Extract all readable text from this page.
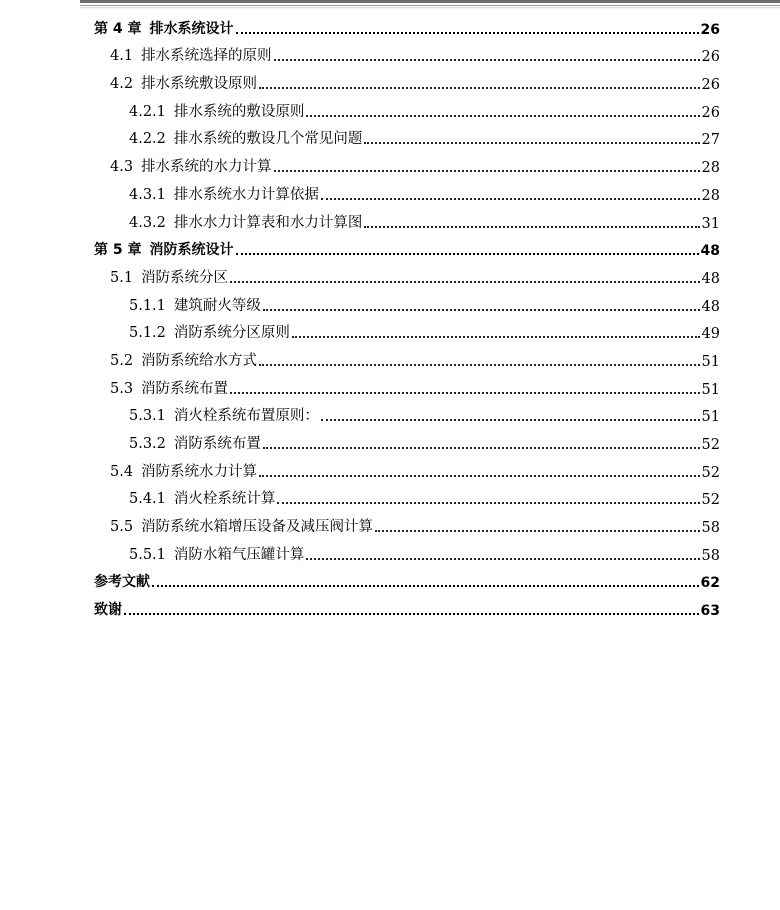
第 4 章 排水系统设计	26
4.1 排水系统选择的原则	26
4.2 排水系统敷设原则	26
4.2.1 排水系统的敷设原则	26
4.2.2 排水系统的敷设几个常见问题	27
4.3 排水系统的水力计算	28
4.3.1 排水系统水力计算依据	28
4.3.2 排水水力计算表和水力计算图	31
第 5 章 消防系统设计	48
5.1 消防系统分区	48
5.1.1 建筑耐火等级	48
5.1.2 消防系统分区原则	49
5.2 消防系统给水方式	51
5.3 消防系统布置	51
5.3.1 消火栓系统布置原则：	51
5.3.2 消防系统布置	52
5.4 消防系统水力计算	52
5.4.1 消火栓系统计算	52
5.5 消防系统水箱增压设备及减压阀计算	58
5.5.1 消防水箱气压罐计算	58
参考文献	62
致谢	63
